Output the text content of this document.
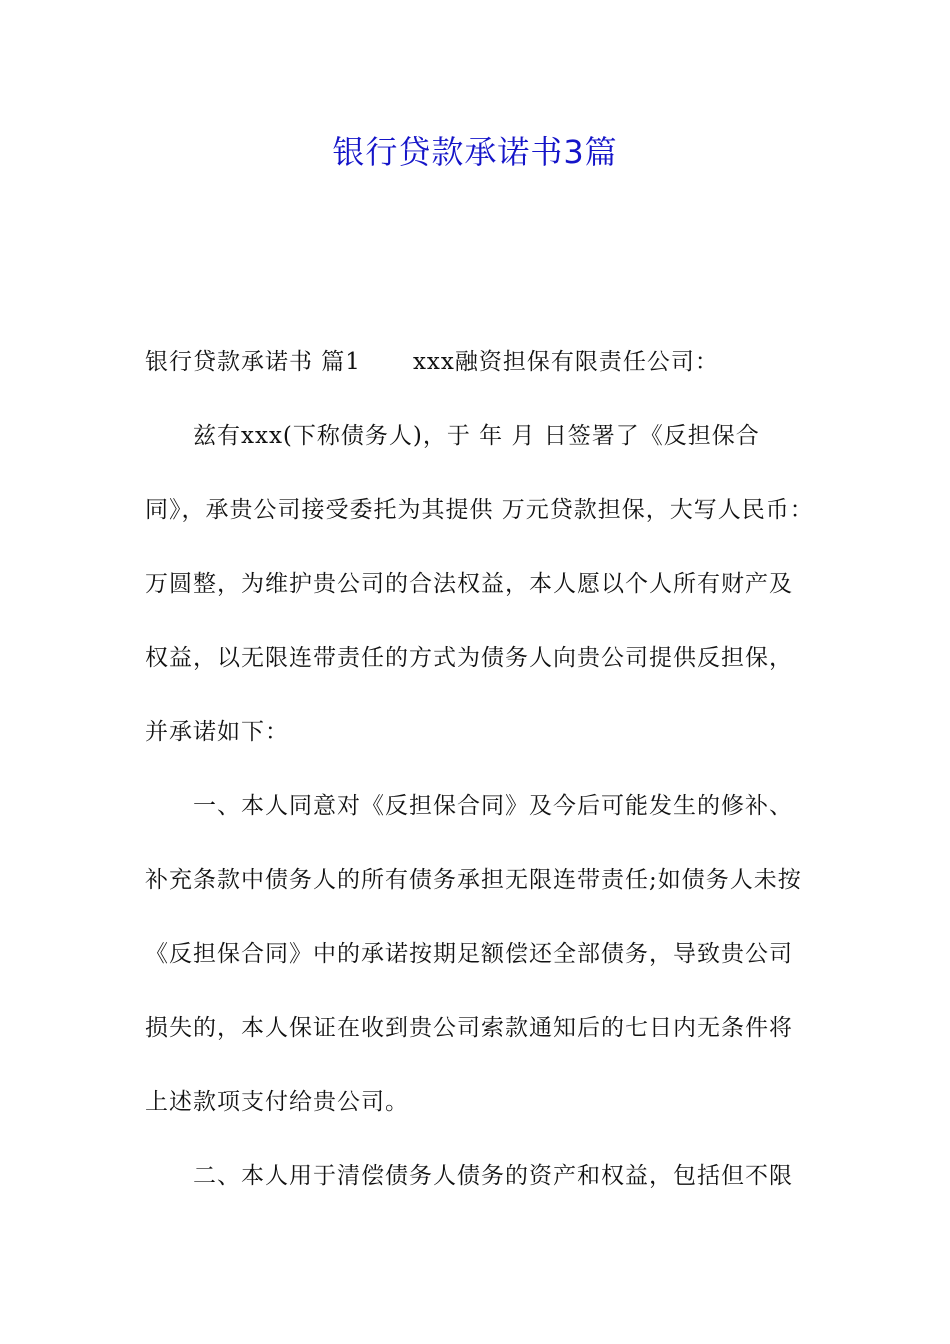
银行贷款承诺书3篇
银行贷款承诺书 篇1 xxx融资担保有限责任公司：
兹有xxx(下称债务人)，于 年 月 日签署了《反担保合
同》，承贵公司接受委托为其提供 万元贷款担保，大写人民币：
万圆整，为维护贵公司的合法权益，本人愿以个人所有财产及
权益，以无限连带责任的方式为债务人向贵公司提供反担保，
并承诺如下：
一、本人同意对《反担保合同》及今后可能发生的修补、
补充条款中债务人的所有债务承担无限连带责任;如债务人未按
《反担保合同》中的承诺按期足额偿还全部债务，导致贵公司
损失的，本人保证在收到贵公司索款通知后的七日内无条件将
上述款项支付给贵公司。
二、本人用于清偿债务人债务的资产和权益，包括但不限
